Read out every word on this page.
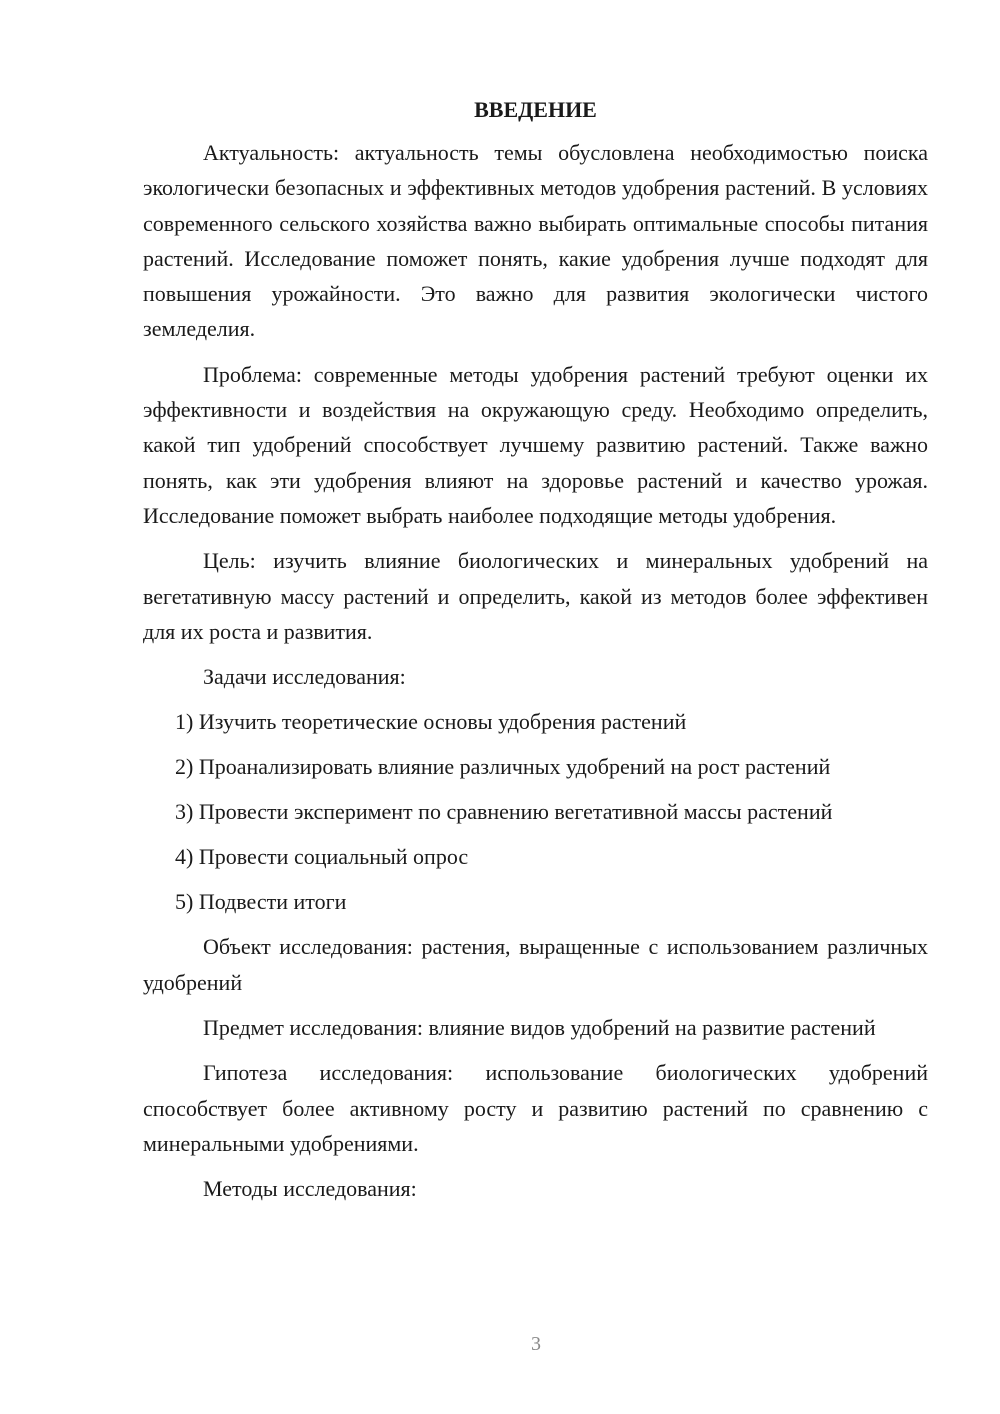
ВВЕДЕНИЕ

Актуальность: актуальность темы обусловлена необходимостью поиска экологически безопасных и эффективных методов удобрения растений. В условиях современного сельского хозяйства важно выбирать оптимальные способы питания растений. Исследование поможет понять, какие удобрения лучше подходят для повышения урожайности. Это важно для развития экологически чистого земледелия.

Проблема: современные методы удобрения растений требуют оценки их эффективности и воздействия на окружающую среду. Необходимо определить, какой тип удобрений способствует лучшему развитию растений. Также важно понять, как эти удобрения влияют на здоровье растений и качество урожая. Исследование поможет выбрать наиболее подходящие методы удобрения.

Цель: изучить влияние биологических и минеральных удобрений на вегетативную массу растений и определить, какой из методов более эффективен для их роста и развития.

Задачи исследования:

1) Изучить теоретические основы удобрения растений
2) Проанализировать влияние различных удобрений на рост растений
3) Провести эксперимент по сравнению вегетативной массы растений
4) Провести социальный опрос
5) Подвести итоги

Объект исследования: растения, выращенные с использованием различных удобрений

Предмет исследования: влияние видов удобрений на развитие растений

Гипотеза исследования: использование биологических удобрений способствует более активному росту и развитию растений по сравнению с минеральными удобрениями.

Методы исследования:

3
